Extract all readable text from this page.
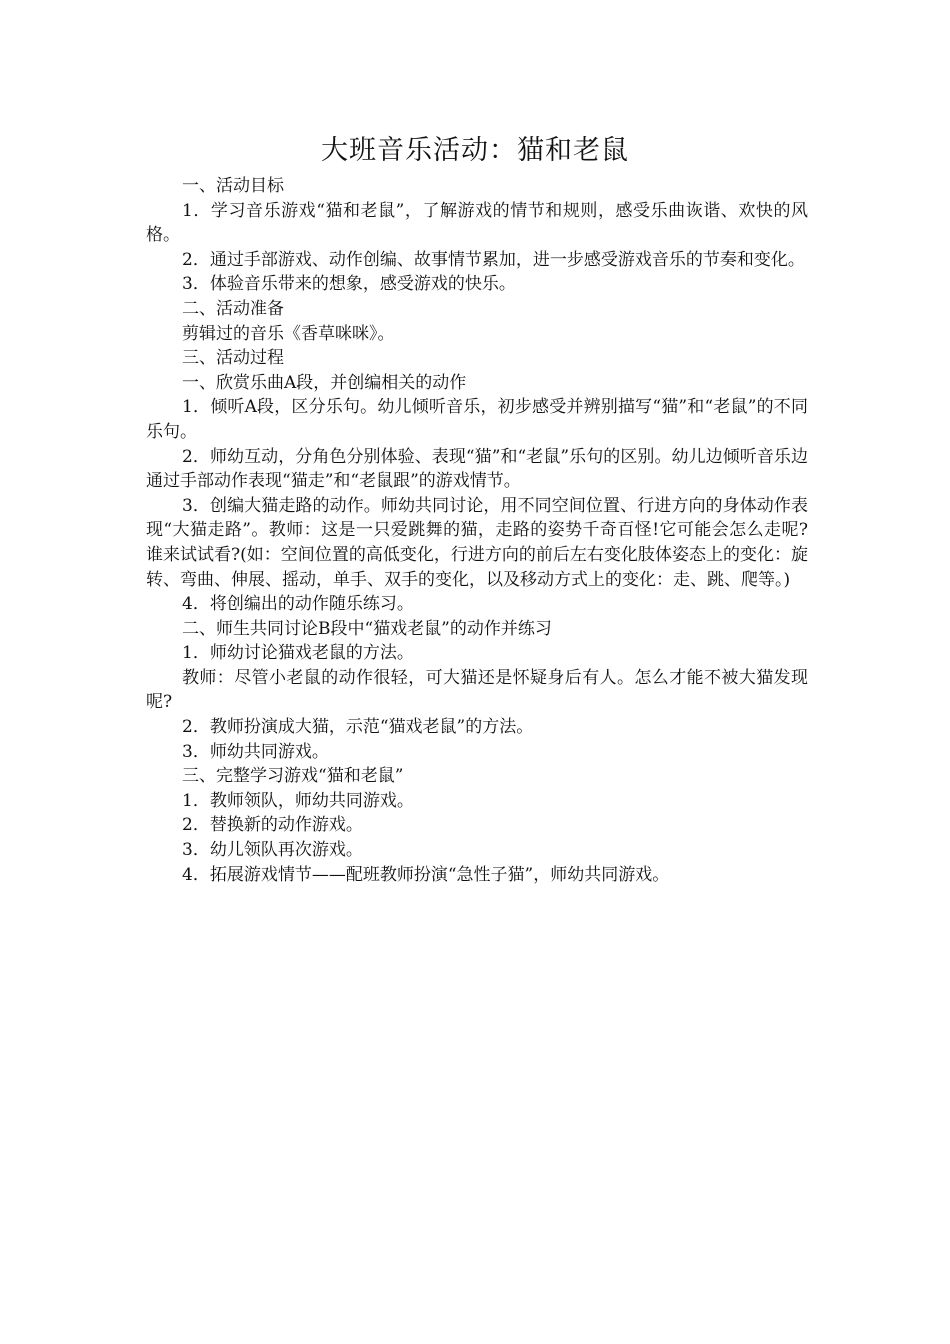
大班音乐活动：猫和老鼠

一、活动目标

1．学习音乐游戏“猫和老鼠”，了解游戏的情节和规则，感受乐曲诙谐、欢快的风格。

2．通过手部游戏、动作创编、故事情节累加，进一步感受游戏音乐的节奏和变化。

3．体验音乐带来的想象，感受游戏的快乐。

二、活动准备

剪辑过的音乐《香草咪咪》。

三、活动过程

一、欣赏乐曲A段，并创编相关的动作

1．倾听A段，区分乐句。幼儿倾听音乐，初步感受并辨别描写“猫”和“老鼠”的不同乐句。

2．师幼互动，分角色分别体验、表现“猫”和“老鼠”乐句的区别。幼儿边倾听音乐边通过手部动作表现“猫走”和“老鼠跟”的游戏情节。

3．创编大猫走路的动作。师幼共同讨论，用不同空间位置、行进方向的身体动作表现“大猫走路”。教师：这是一只爱跳舞的猫，走路的姿势千奇百怪!它可能会怎么走呢?谁来试试看?(如：空间位置的高低变化，行进方向的前后左右变化肢体姿态上的变化：旋转、弯曲、伸展、摇动，单手、双手的变化，以及移动方式上的变化：走、跳、爬等。)

4．将创编出的动作随乐练习。

二、师生共同讨论B段中“猫戏老鼠”的动作并练习

1．师幼讨论猫戏老鼠的方法。

教师：尽管小老鼠的动作很轻，可大猫还是怀疑身后有人。怎么才能不被大猫发现呢?

2．教师扮演成大猫，示范“猫戏老鼠”的方法。

3．师幼共同游戏。

三、完整学习游戏“猫和老鼠”

1．教师领队，师幼共同游戏。

2．替换新的动作游戏。

3．幼儿领队再次游戏。

4．拓展游戏情节——配班教师扮演“急性子猫”，师幼共同游戏。
